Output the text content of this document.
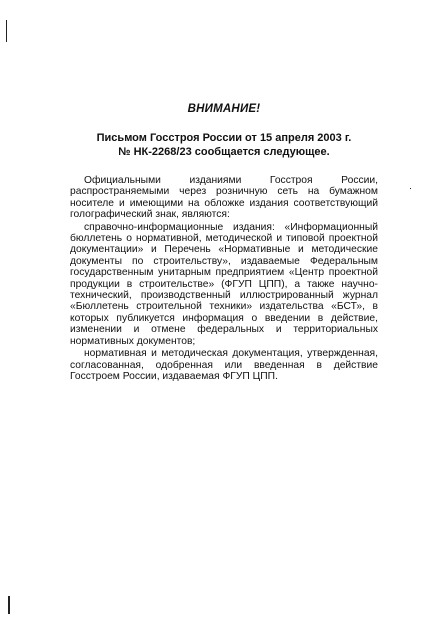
ВНИМАНИЕ!
Письмом Госстроя России от 15 апреля 2003 г.
№ НК-2268/23 сообщается следующее.

Официальными изданиями Госстроя России, распространяемыми через розничную сеть на бумажном носителе и имеющими на обложке издания соответствующий голографический знак, являются:

справочно-информационные издания: «Информационный бюллетень о нормативной, методической и типовой проектной документации» и Перечень «Нормативные и методические документы по строительству», издаваемые Федеральным государственным унитарным предприятием «Центр проектной продукции в строительстве» (ФГУП ЦПП), а также научно-технический, производственный иллюстрированный журнал «Бюллетень строительной техники» издательства «БСТ», в которых публикуется информация о введении в действие, изменении и отмене федеральных и территориальных нормативных документов;

нормативная и методическая документация, утвержденная, согласованная, одобренная или введенная в действие Госстроем России, издаваемая ФГУП ЦПП.
